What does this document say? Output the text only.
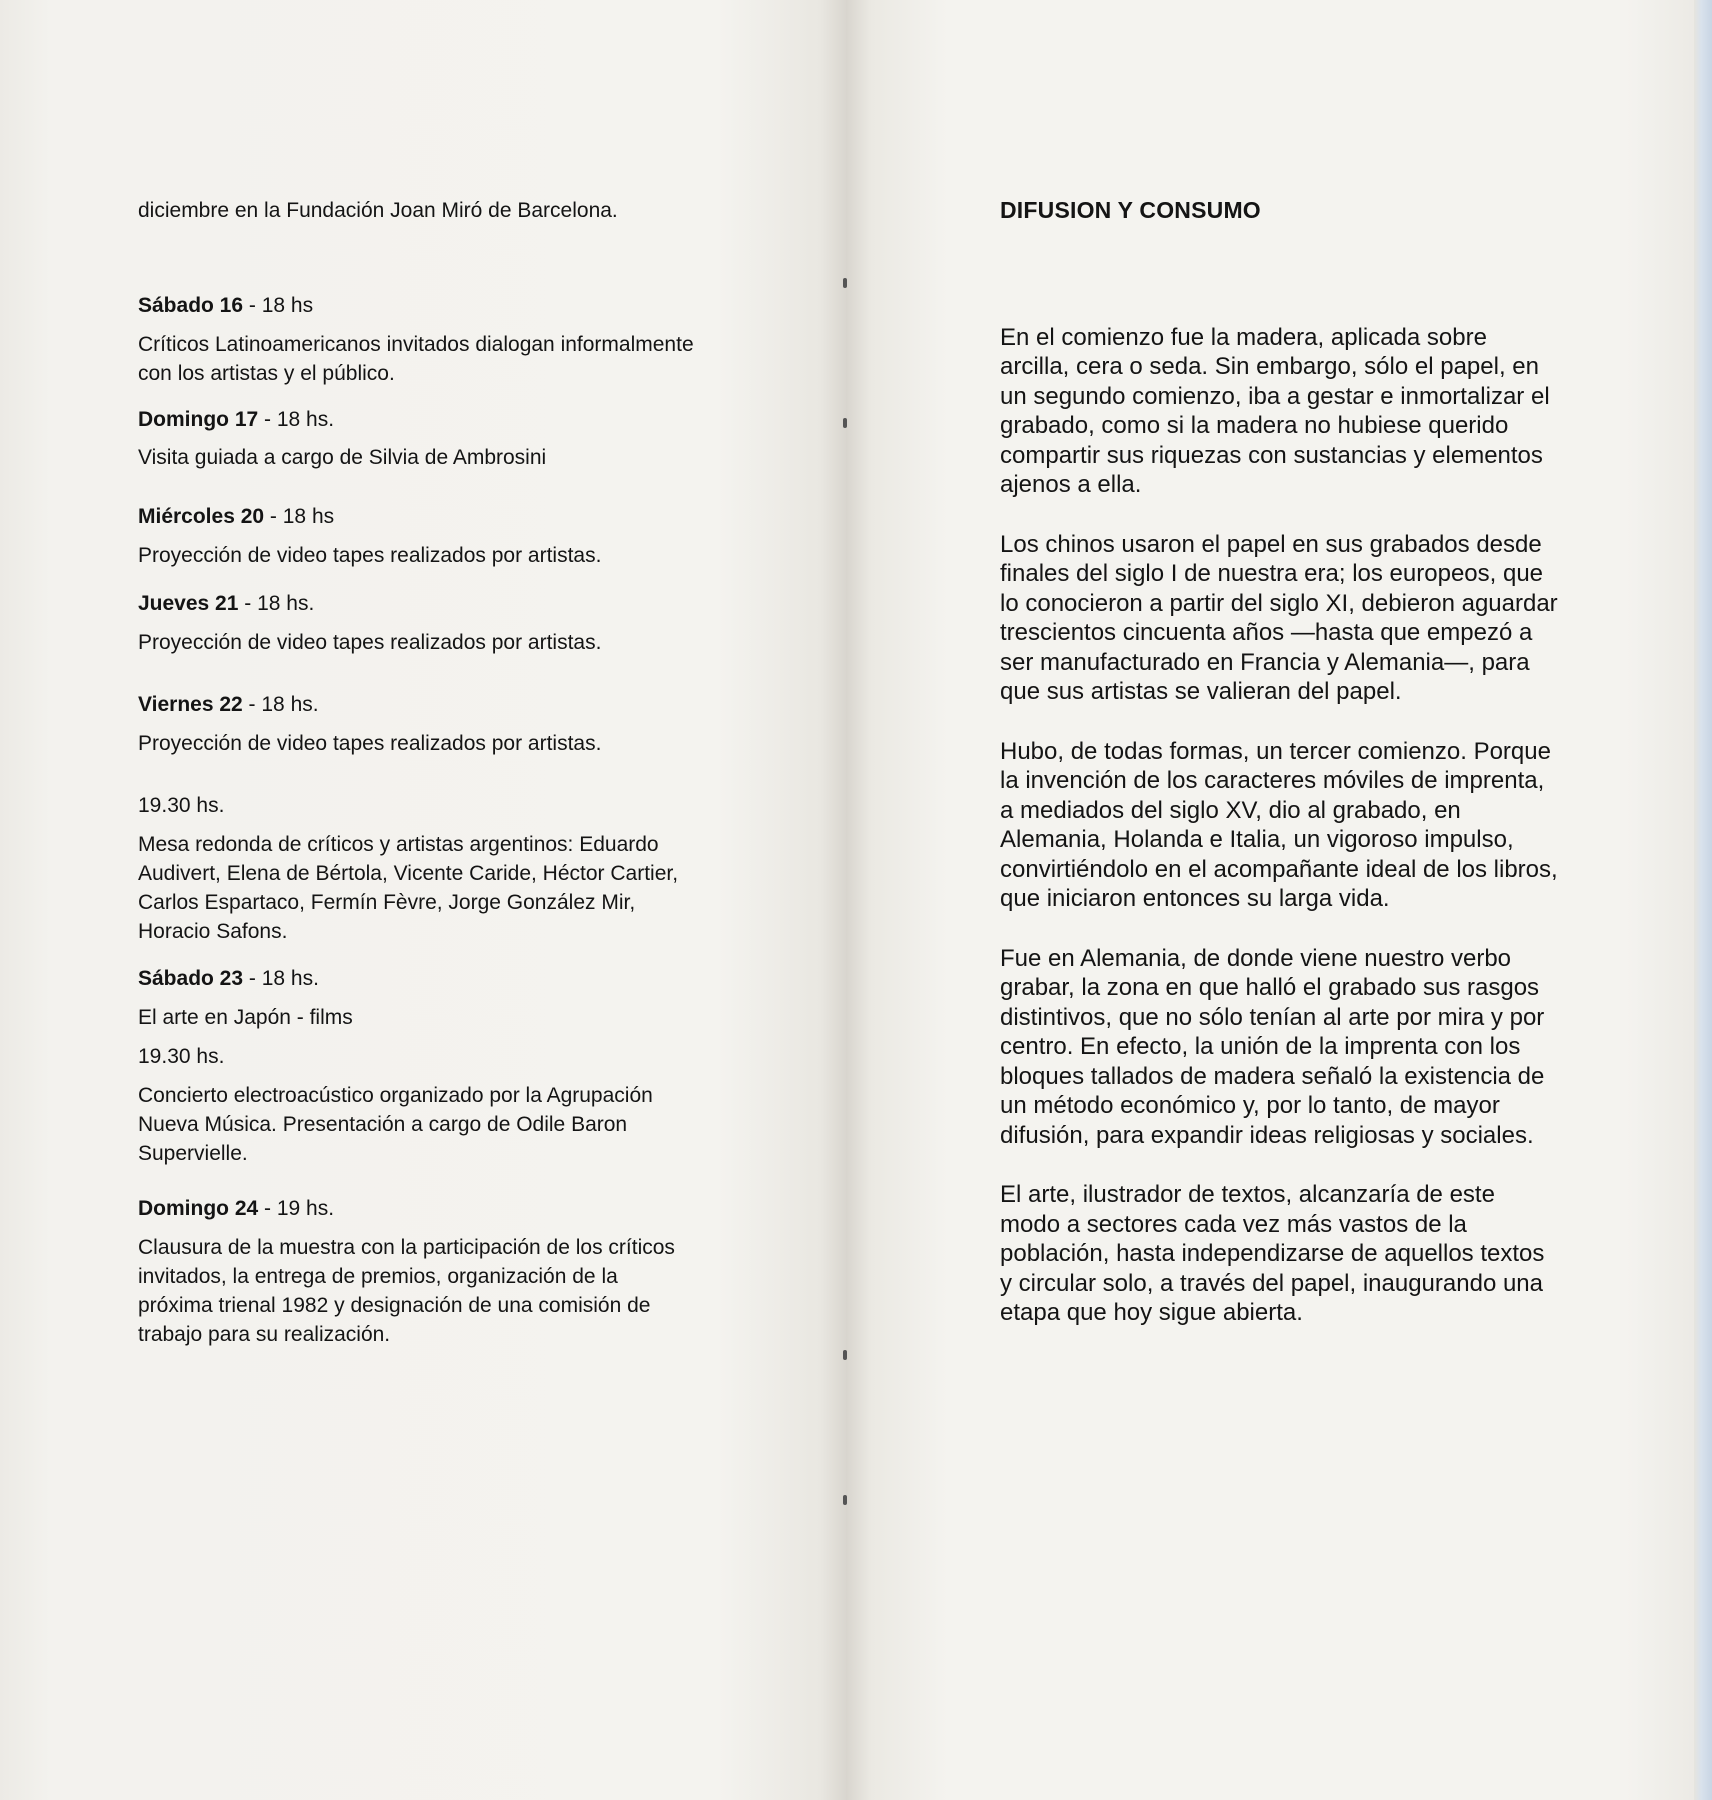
diciembre en la Fundación Joan Miró de Barcelona.

Sábado 16 - 18 hs

Críticos Latinoamericanos invitados dialogan informalmente con los artistas y el público.

Domingo 17 - 18 hs.

Visita guiada a cargo de Silvia de Ambrosini

Miércoles 20 - 18 hs

Proyección de video tapes realizados por artistas.

Jueves 21 - 18 hs.

Proyección de video tapes realizados por artistas.

Viernes 22 - 18 hs.

Proyección de video tapes realizados por artistas.

19.30 hs.

Mesa redonda de críticos y artistas argentinos: Eduardo Audivert, Elena de Bértola, Vicente Caride, Héctor Cartier, Carlos Espartaco, Fermín Fèvre, Jorge González Mir, Horacio Safons.

Sábado 23 - 18 hs.

El arte en Japón - films

19.30 hs.

Concierto electroacústico organizado por la Agrupación Nueva Música. Presentación a cargo de Odile Baron Supervielle.

Domingo 24 - 19 hs.

Clausura de la muestra con la participación de los críticos invitados, la entrega de premios, organización de la próxima trienal 1982 y designación de una comisión de trabajo para su realización.

DIFUSION Y CONSUMO

En el comienzo fue la madera, aplicada sobre arcilla, cera o seda. Sin embargo, sólo el papel, en un segundo comienzo, iba a gestar e inmortalizar el grabado, como si la madera no hubiese querido compartir sus riquezas con sustancias y elementos ajenos a ella.

Los chinos usaron el papel en sus grabados desde finales del siglo I de nuestra era; los europeos, que lo conocieron a partir del siglo XI, debieron aguardar trescientos cincuenta años —hasta que empezó a ser manufacturado en Francia y Alemania—, para que sus artistas se valieran del papel.

Hubo, de todas formas, un tercer comienzo. Porque la invención de los caracteres móviles de imprenta, a mediados del siglo XV, dio al grabado, en Alemania, Holanda e Italia, un vigoroso impulso, convirtiéndolo en el acompañante ideal de los libros, que iniciaron entonces su larga vida.

Fue en Alemania, de donde viene nuestro verbo grabar, la zona en que halló el grabado sus rasgos distintivos, que no sólo tenían al arte por mira y por centro. En efecto, la unión de la imprenta con los bloques tallados de madera señaló la existencia de un método económico y, por lo tanto, de mayor difusión, para expandir ideas religiosas y sociales.

El arte, ilustrador de textos, alcanzaría de este modo a sectores cada vez más vastos de la población, hasta independizarse de aquellos textos y circular solo, a través del papel, inaugurando una etapa que hoy sigue abierta.
